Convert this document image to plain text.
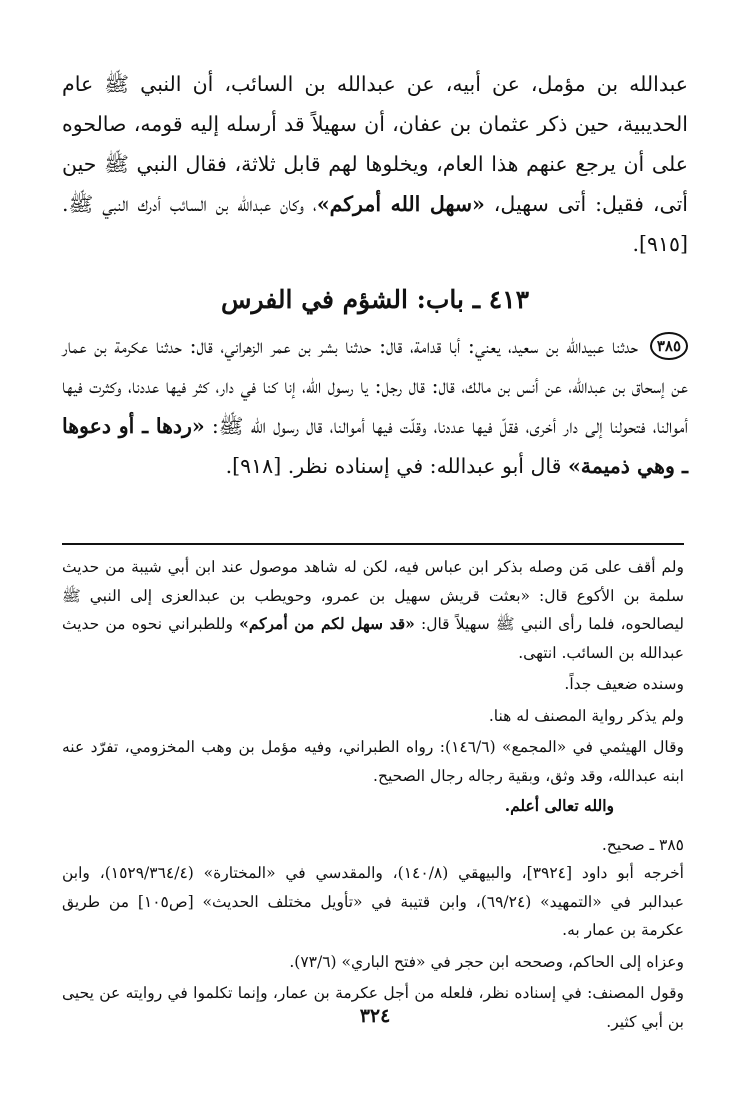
عبدالله بن مؤمل، عن أبيه، عن عبدالله بن السائب، أن النبي ﷺ عام الحديبية، حين ذكر عثمان بن عفان، أن سهيلاً قد أرسله إليه قومه، صالحوه على أن يرجع عنهم هذا العام، ويخلوها لهم قابل ثلاثة، فقال النبي ﷺ حين أتى، فقيل: أتى سهيل، «سهل الله أمركم»، وكان عبدالله بن السائب أدرك النبي ﷺ. [٩١٥].

٤١٣ ـ باب: الشؤم في الفرس

٣٨٥ حدثنا عبيدالله بن سعيد، يعني: أبا قدامة، قال: حدثنا بشر بن عمر الزهراني، قال: حدثنا عكرمة بن عمار عن إسحاق بن عبدالله، عن أنس بن مالك، قال: قال رجل: يا رسول الله، إنا كنا في دار، كثر فيها عددنا، وكثرت فيها أموالنا، فتحولنا إلى دار أخرى، فقلّ فيها عددنا، وقلّت فيها أموالنا، قال رسول الله ﷺ: «ردها ـ أو دعوها ـ وهي ذميمة» قال أبو عبدالله: في إسناده نظر. [٩١٨].

ولم أقف على مَن وصله بذكر ابن عباس فيه، لكن له شاهد موصول عند ابن أبي شيبة من حديث سلمة بن الأكوع قال: «بعثت قريش سهيل بن عمرو، وحويطب بن عبدالعزى إلى النبي ﷺ ليصالحوه، فلما رأى النبي ﷺ سهيلاً قال: «قد سهل لكم من أمركم» وللطبراني نحوه من حديث عبدالله بن السائب. انتهى.

وسنده ضعيف جداً.

ولم يذكر رواية المصنف له هنا.

وقال الهيثمي في «المجمع» (١٤٦/٦): رواه الطبراني، وفيه مؤمل بن وهب المخزومي، تفرّد عنه ابنه عبدالله، وقد وثق، وبقية رجاله رجال الصحيح.

والله تعالى أعلم.

٣٨٥ ـ صحيح.

أخرجه أبو داود [٣٩٢٤]، والبيهقي (١٤٠/٨)، والمقدسي في «المختارة» (١٥٢٩/٣٦٤/٤)، وابن عبدالبر في «التمهيد» (٦٩/٢٤)، وابن قتيبة في «تأويل مختلف الحديث» [ص١٠٥] من طريق عكرمة بن عمار به.

وعزاه إلى الحاكم، وصححه ابن حجر في «فتح الباري» (٧٣/٦).

وقول المصنف: في إسناده نظر، فلعله من أجل عكرمة بن عمار، وإنما تكلموا في روايته عن يحيى بن أبي كثير.

٣٢٤
